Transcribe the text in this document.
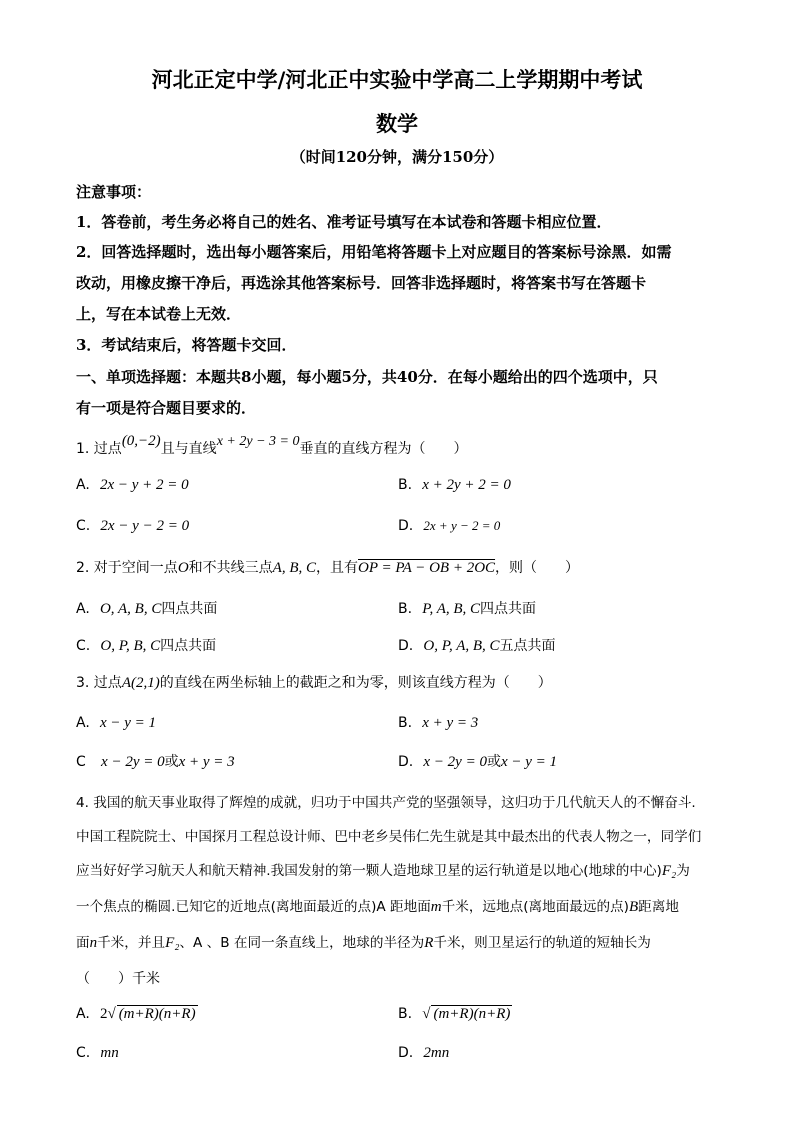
河北正定中学/河北正中实验中学高二上学期期中考试
数学
（时间120分钟，满分150分）
注意事项：
1．答卷前，考生务必将自己的姓名、准考证号填写在本试卷和答题卡相应位置．
2．回答选择题时，选出每小题答案后，用铅笔将答题卡上对应题目的答案标号涂黑．如需
改动，用橡皮擦干净后，再选涂其他答案标号．回答非选择题时，将答案书写在答题卡
上，写在本试卷上无效．
3．考试结束后，将答题卡交回．
一、单项选择题：本题共8小题，每小题5分，共40分．在每小题给出的四个选项中，只
有一项是符合题目要求的．
1. 过点(0,−2)且与直线x + 2y − 3 = 0垂直的直线方程为（　　）
A. 2x − y + 2 = 0	B. x + 2y + 2 = 0
C. 2x − y − 2 = 0	D. 2x + y − 2 = 0
2. 对于空间一点O和不共线三点A, B, C，且有OP = PA − OB + 2OC，则（　　）
A. O, A, B, C四点共面	B. P, A, B, C四点共面
C. O, P, B, C四点共面	D. O, P, A, B, C五点共面
3. 过点A(2,1)的直线在两坐标轴上的截距之和为零，则该直线方程为（　　）
A. x − y = 1	B. x + y = 3
C x − 2y = 0或x + y = 3	D. x − 2y = 0或x − y = 1
4. 我国的航天事业取得了辉煌的成就，归功于中国共产党的坚强领导，这归功于几代航天人的不懈奋斗.
中国工程院院士、中国探月工程总设计师、巴中老乡吴伟仁先生就是其中最杰出的代表人物之一，同学们
应当好好学习航天人和航天精神.我国发射的第一颗人造地球卫星的运行轨道是以地心(地球的中心)F₂为
一个焦点的椭圆.已知它的近地点(离地面最近的点)A 距地面m千米，远地点(离地面最远的点)B距离地
面n千米，并且F₂、A 、B 在同一条直线上，地球的半径为R千米，则卫星运行的轨道的短轴长为
（　　）千米
A. 2√ (m+R)(n+R)	B. √ (m+R)(n+R)
C. mn	D. 2mn
